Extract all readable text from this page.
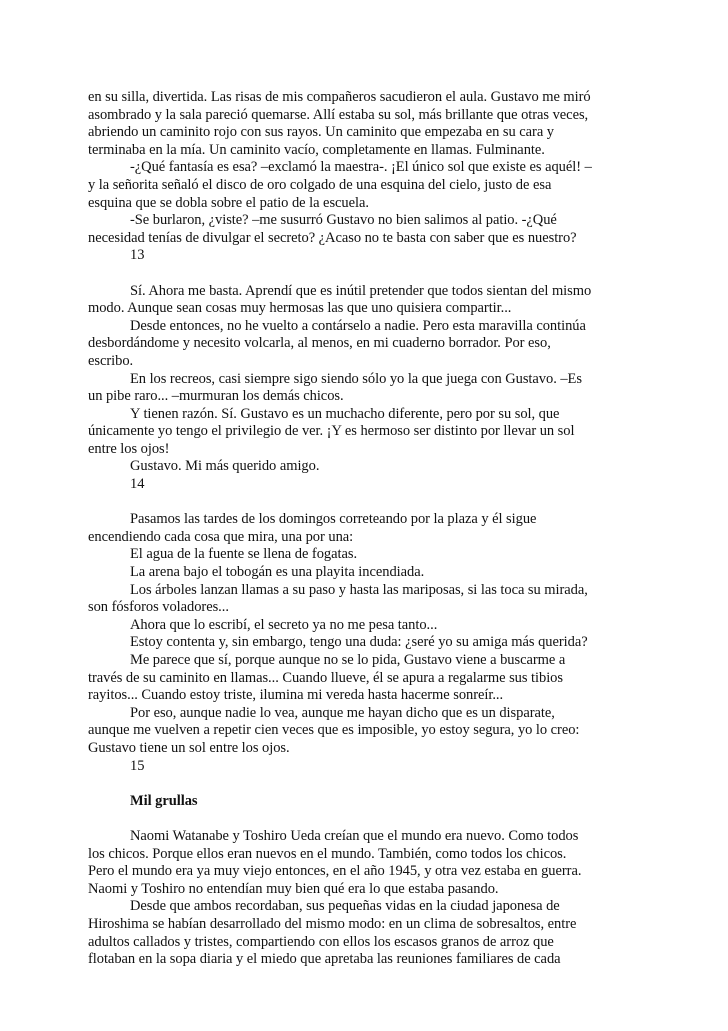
en su silla, divertida. Las risas de mis compañeros sacudieron el aula. Gustavo me miró
asombrado y la sala pareció quemarse. Allí estaba su sol, más brillante que otras veces,
abriendo un caminito rojo con sus rayos. Un caminito que empezaba en su cara y
terminaba en la mía. Un caminito vacío, completamente en llamas. Fulminante.
-¿Qué fantasía es esa? –exclamó la maestra-. ¡El único sol que existe es aquél! –
y la señorita señaló el disco de oro colgado de una esquina del cielo, justo de esa
esquina que se dobla sobre el patio de la escuela.
-Se burlaron, ¿viste? –me susurró Gustavo no bien salimos al patio. -¿Qué
necesidad tenías de divulgar el secreto? ¿Acaso no te basta con saber que es nuestro?
13
Sí. Ahora me basta. Aprendí que es inútil pretender que todos sientan del mismo
modo. Aunque sean cosas muy hermosas las que uno quisiera compartir...
Desde entonces, no he vuelto a contárselo a nadie. Pero esta maravilla continúa
desbordándome y necesito volcarla, al menos, en mi cuaderno borrador. Por eso,
escribo.
En los recreos, casi siempre sigo siendo sólo yo la que juega con Gustavo. –Es
un pibe raro... –murmuran los demás chicos.
Y tienen razón. Sí. Gustavo es un muchacho diferente, pero por su sol, que
únicamente yo tengo el privilegio de ver. ¡Y es hermoso ser distinto por llevar un sol
entre los ojos!
Gustavo. Mi más querido amigo.
14
Pasamos las tardes de los domingos correteando por la plaza y él sigue
encendiendo cada cosa que mira, una por una:
El agua de la fuente se llena de fogatas.
La arena bajo el tobogán es una playita incendiada.
Los árboles lanzan llamas a su paso y hasta las mariposas, si las toca su mirada,
son fósforos voladores...
Ahora que lo escribí, el secreto ya no me pesa tanto...
Estoy contenta y, sin embargo, tengo una duda: ¿seré yo su amiga más querida?
Me parece que sí, porque aunque no se lo pida, Gustavo viene a buscarme a
través de su caminito en llamas... Cuando llueve, él se apura a regalarme sus tibios
rayitos... Cuando estoy triste, ilumina mi vereda hasta hacerme sonreír...
Por eso, aunque nadie lo vea, aunque me hayan dicho que es un disparate,
aunque me vuelven a repetir cien veces que es imposible, yo estoy segura, yo lo creo:
Gustavo tiene un sol entre los ojos.
15
Mil grullas
Naomi Watanabe y Toshiro Ueda creían que el mundo era nuevo. Como todos
los chicos. Porque ellos eran nuevos en el mundo. También, como todos los chicos.
Pero el mundo era ya muy viejo entonces, en el año 1945, y otra vez estaba en guerra.
Naomi y Toshiro no entendían muy bien qué era lo que estaba pasando.
Desde que ambos recordaban, sus pequeñas vidas en la ciudad japonesa de
Hiroshima se habían desarrollado del mismo modo: en un clima de sobresaltos, entre
adultos callados y tristes, compartiendo con ellos los escasos granos de arroz que
flotaban en la sopa diaria y el miedo que apretaba las reuniones familiares de cada
